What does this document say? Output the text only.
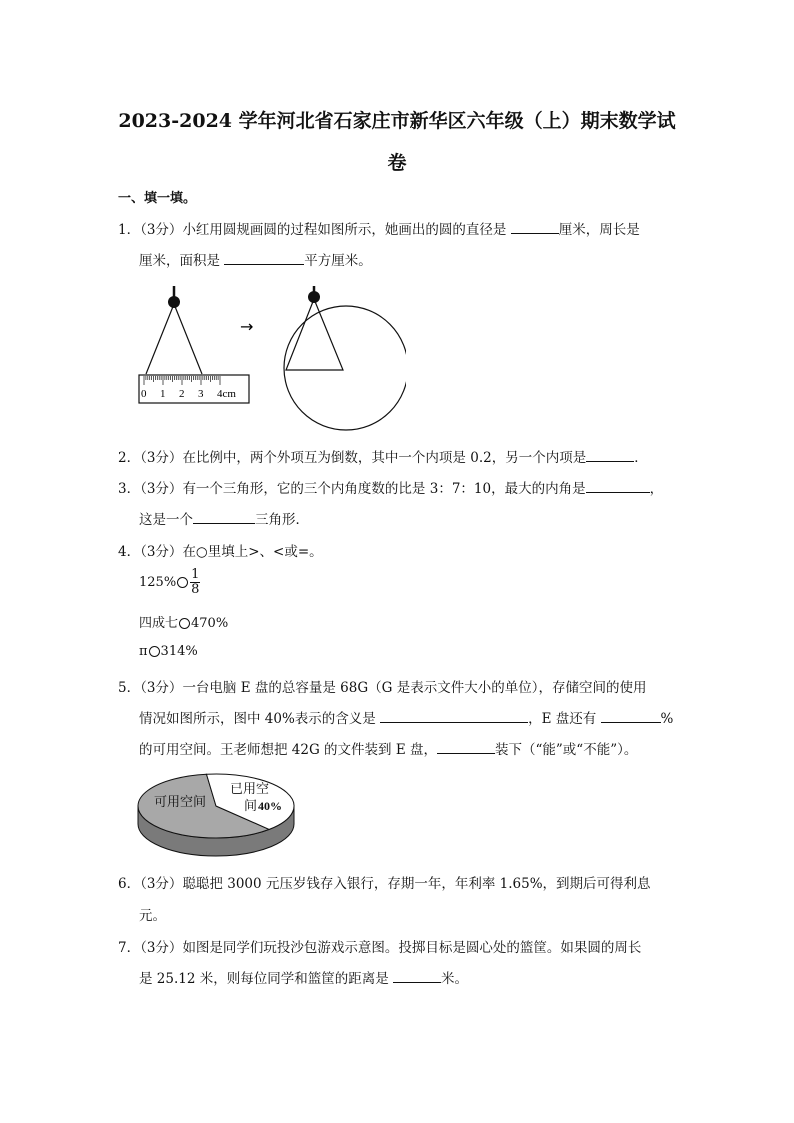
2023-2024 学年河北省石家庄市新华区六年级（上）期末数学试
卷
一、填一填。
1．（3分）小红用圆规画圆的过程如图所示，她画出的圆的直径是	厘米，周长是
厘米，面积是	平方厘米。
0 1 2 3 4cm
→
2．（3分）在比例中，两个外项互为倒数，其中一个内项是 0.2，另一个内项是	．
3．（3分）有一个三角形，它的三个内角度数的比是 3：7：10，最大的内角是	，
这是一个	三角形．
4．（3分）在○里填上>、<或=。
$125\% \frac{1}{8}$
四成七 470%
π 314%
5．（3分）一台电脑 E 盘的总容量是 68G（G 是表示文件大小的单位），存储空间的使用
情况如图所示，图中 40%表示的含义是	，E 盘还有	%
的可用空间。王老师想把 42G 的文件装到 E 盘，	装下（“能”或“不能”）。
可用空间
已用空
间 40%
6．（3分）聪聪把 3000 元压岁钱存入银行，存期一年，年利率 1.65%，到期后可得利息
元。
7．（3分）如图是同学们玩投沙包游戏示意图。投掷目标是圆心处的篮筐。如果圆的周长
是 25.12 米，则每位同学和篮筐的距离是	米。
